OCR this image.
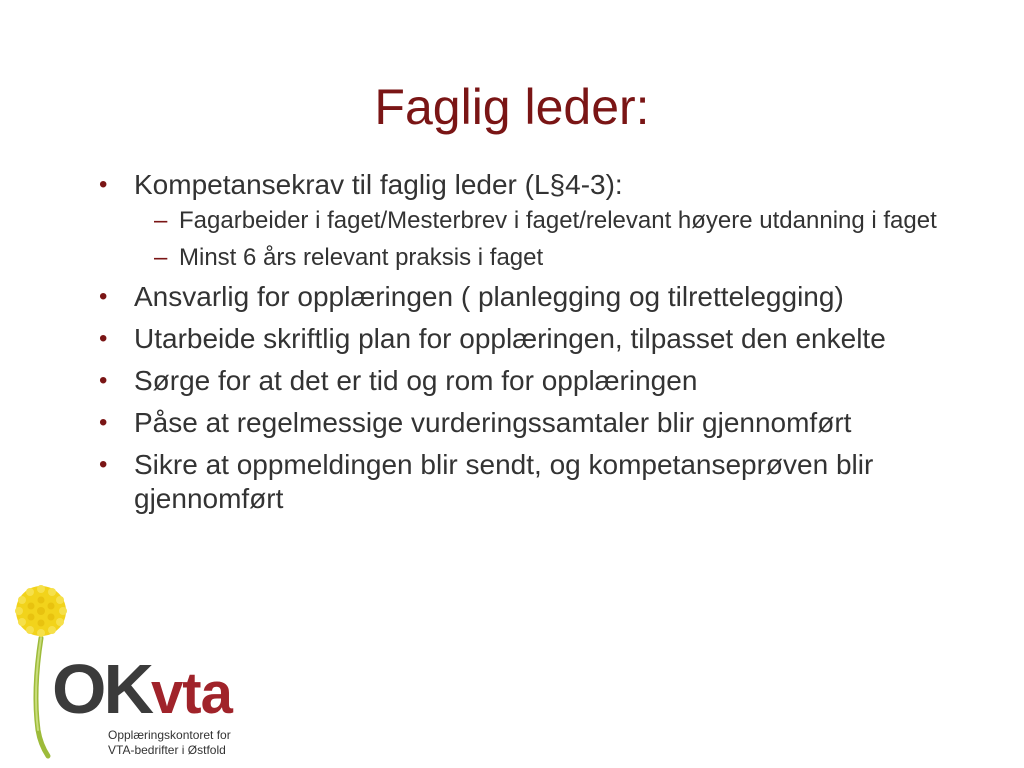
Faglig leder:
• Kompetansekrav til faglig leder (L§4-3):
– Fagarbeider i faget/Mesterbrev i faget/relevant høyere utdanning i faget
– Minst 6 års relevant praksis i faget
• Ansvarlig for opplæringen ( planlegging og tilrettelegging)
• Utarbeide skriftlig plan for opplæringen, tilpasset den enkelte
• Sørge for at det er tid og rom for opplæringen
• Påse at regelmessige vurderingssamtaler blir gjennomført
• Sikre at oppmeldingen blir sendt, og kompetanseprøven blir gjennomført
OKvta
Opplæringskontoret for
VTA-bedrifter i Østfold
